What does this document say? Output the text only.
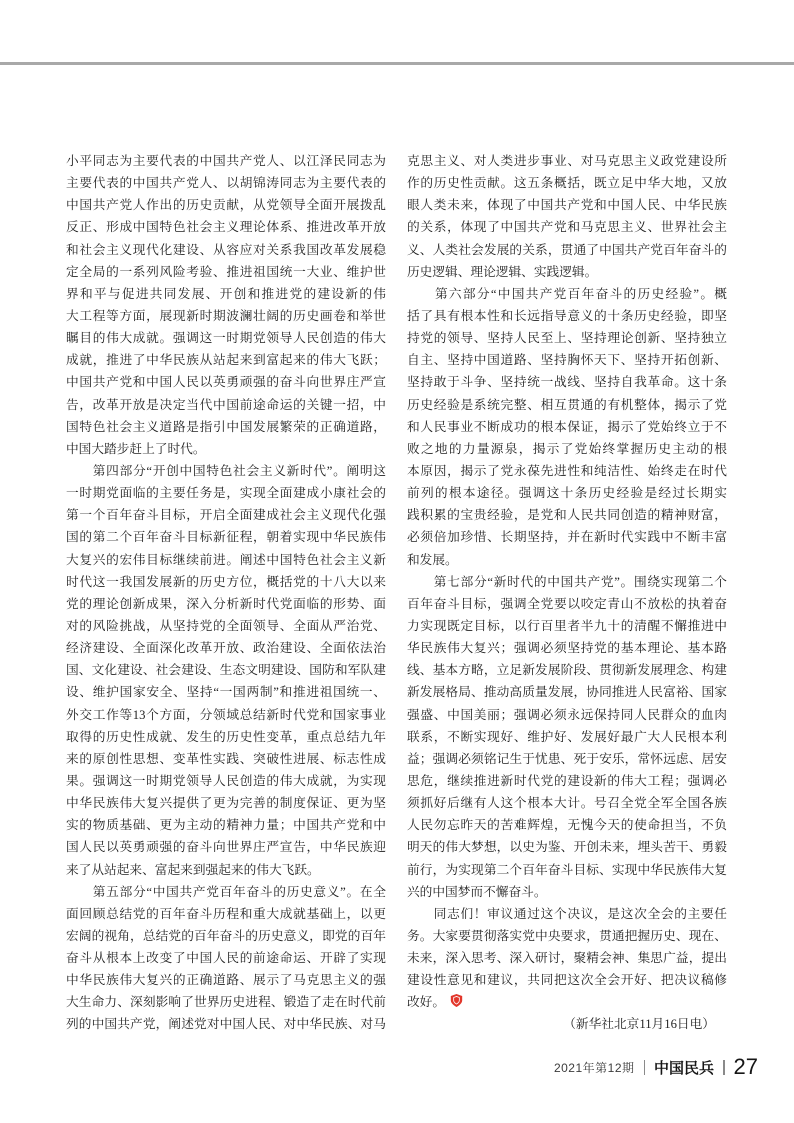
小平同志为主要代表的中国共产党人、以江泽民同志为
主要代表的中国共产党人、以胡锦涛同志为主要代表的
中国共产党人作出的历史贡献，从党领导全面开展拨乱
反正、形成中国特色社会主义理论体系、推进改革开放
和社会主义现代化建设、从容应对关系我国改革发展稳
定全局的一系列风险考验、推进祖国统一大业、维护世
界和平与促进共同发展、开创和推进党的建设新的伟
大工程等方面，展现新时期波澜壮阔的历史画卷和举世
瞩目的伟大成就。强调这一时期党领导人民创造的伟大
成就，推进了中华民族从站起来到富起来的伟大飞跃；
中国共产党和中国人民以英勇顽强的奋斗向世界庄严宣
告，改革开放是决定当代中国前途命运的关键一招，中
国特色社会主义道路是指引中国发展繁荣的正确道路，
中国大踏步赶上了时代。
　　第四部分“开创中国特色社会主义新时代”。阐明这
一时期党面临的主要任务是，实现全面建成小康社会的
第一个百年奋斗目标，开启全面建成社会主义现代化强
国的第二个百年奋斗目标新征程，朝着实现中华民族伟
大复兴的宏伟目标继续前进。阐述中国特色社会主义新
时代这一我国发展新的历史方位，概括党的十八大以来
党的理论创新成果，深入分析新时代党面临的形势、面
对的风险挑战，从坚持党的全面领导、全面从严治党、
经济建设、全面深化改革开放、政治建设、全面依法治
国、文化建设、社会建设、生态文明建设、国防和军队建
设、维护国家安全、坚持“一国两制”和推进祖国统一、
外交工作等13个方面，分领域总结新时代党和国家事业
取得的历史性成就、发生的历史性变革，重点总结九年
来的原创性思想、变革性实践、突破性进展、标志性成
果。强调这一时期党领导人民创造的伟大成就，为实现
中华民族伟大复兴提供了更为完善的制度保证、更为坚
实的物质基础、更为主动的精神力量；中国共产党和中
国人民以英勇顽强的奋斗向世界庄严宣告，中华民族迎
来了从站起来、富起来到强起来的伟大飞跃。
　　第五部分“中国共产党百年奋斗的历史意义”。在全
面回顾总结党的百年奋斗历程和重大成就基础上，以更
宏阔的视角，总结党的百年奋斗的历史意义，即党的百年
奋斗从根本上改变了中国人民的前途命运、开辟了实现
中华民族伟大复兴的正确道路、展示了马克思主义的强
大生命力、深刻影响了世界历史进程、锻造了走在时代前
列的中国共产党，阐述党对中国人民、对中华民族、对马
克思主义、对人类进步事业、对马克思主义政党建设所
作的历史性贡献。这五条概括，既立足中华大地，又放
眼人类未来，体现了中国共产党和中国人民、中华民族
的关系，体现了中国共产党和马克思主义、世界社会主
义、人类社会发展的关系，贯通了中国共产党百年奋斗的
历史逻辑、理论逻辑、实践逻辑。
　　第六部分“中国共产党百年奋斗的历史经验”。概
括了具有根本性和长远指导意义的十条历史经验，即坚
持党的领导、坚持人民至上、坚持理论创新、坚持独立
自主、坚持中国道路、坚持胸怀天下、坚持开拓创新、
坚持敢于斗争、坚持统一战线、坚持自我革命。这十条
历史经验是系统完整、相互贯通的有机整体，揭示了党
和人民事业不断成功的根本保证，揭示了党始终立于不
败之地的力量源泉，揭示了党始终掌握历史主动的根
本原因，揭示了党永葆先进性和纯洁性、始终走在时代
前列的根本途径。强调这十条历史经验是经过长期实
践积累的宝贵经验，是党和人民共同创造的精神财富，
必须倍加珍惜、长期坚持，并在新时代实践中不断丰富
和发展。
　　第七部分“新时代的中国共产党”。围绕实现第二个
百年奋斗目标，强调全党要以咬定青山不放松的执着奋
力实现既定目标，以行百里者半九十的清醒不懈推进中
华民族伟大复兴；强调必须坚持党的基本理论、基本路
线、基本方略，立足新发展阶段、贯彻新发展理念、构建
新发展格局、推动高质量发展，协同推进人民富裕、国家
强盛、中国美丽；强调必须永远保持同人民群众的血肉
联系，不断实现好、维护好、发展好最广大人民根本利
益；强调必须铭记生于忧患、死于安乐，常怀远虑、居安
思危，继续推进新时代党的建设新的伟大工程；强调必
须抓好后继有人这个根本大计。号召全党全军全国各族
人民勿忘昨天的苦难辉煌，无愧今天的使命担当，不负
明天的伟大梦想，以史为鉴、开创未来，埋头苦干、勇毅
前行，为实现第二个百年奋斗目标、实现中华民族伟大复
兴的中国梦而不懈奋斗。
　　同志们！审议通过这个决议，是这次全会的主要任
务。大家要贯彻落实党中央要求，贯通把握历史、现在、
未来，深入思考、深入研讨，聚精会神、集思广益，提出
建设性意见和建议，共同把这次全会开好、把决议稿修
改好。
（新华社北京11月16日电）
2021年第12期 中国民兵 27
